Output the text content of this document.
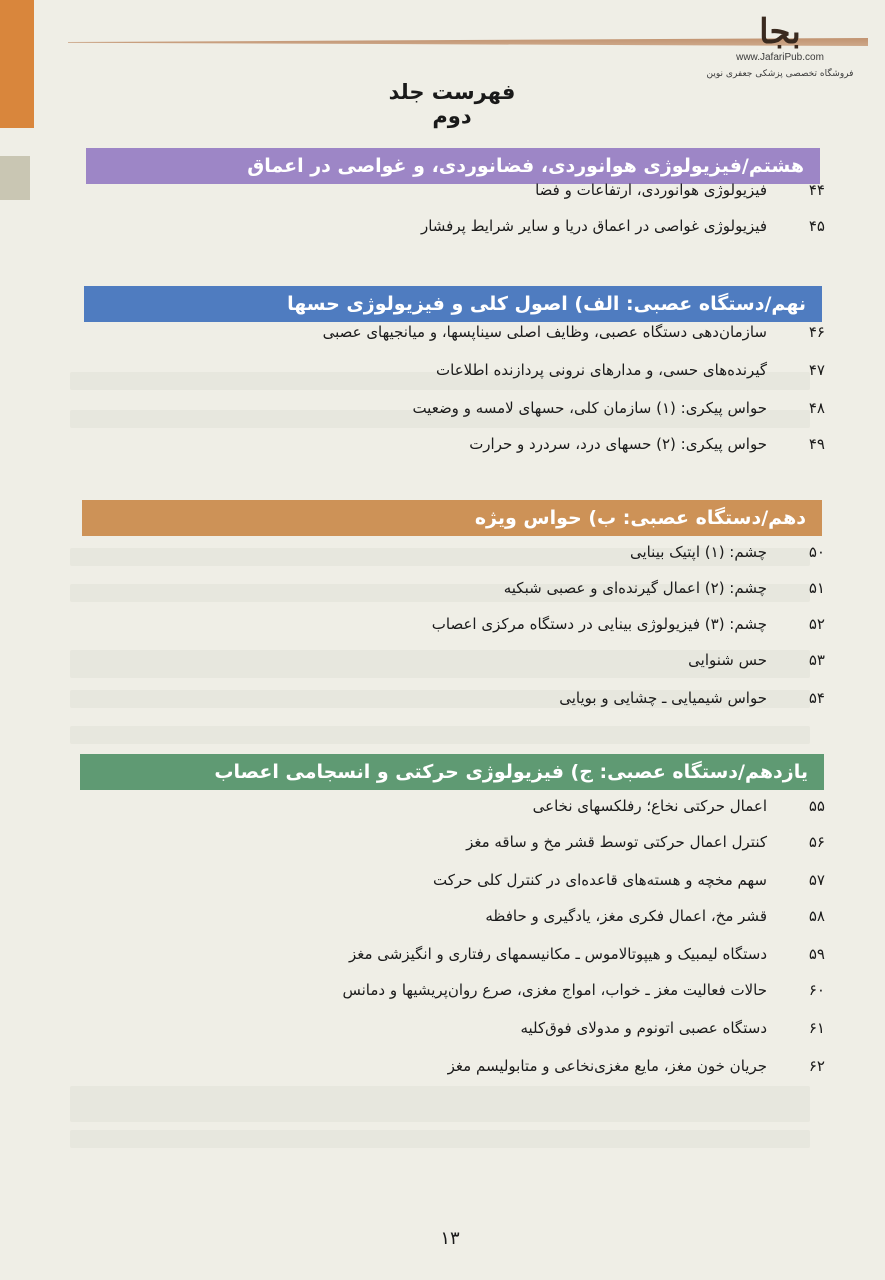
ﺑﺠﺎ
www.JafariPub.com
فروشگاه تخصصی پزشکی جعفری نوین
فهرست جلد دوم
هشتم/فیزیولوژی هوانوردی، فضانوردی، و غواصی در اعماق
۴۴فیزیولوژی هوانوردی، ارتفاعات و فضا
۴۵فیزیولوژی غواصی در اعماق دریا و سایر شرایط پرفشار
نهم/دستگاه عصبی: الف) اصول کلی و فیزیولوژی حسها
۴۶سازمان‌دهی دستگاه عصبی، وظایف اصلی سیناپسها، و میانجیهای عصبی
۴۷گیرنده‌های حسی، و مدارهای نرونی پردازنده اطلاعات
۴۸حواس پیکری: (۱) سازمان کلی، حسهای لامسه و وضعیت
۴۹حواس پیکری: (۲) حسهای درد، سردرد و حرارت
دهم/دستگاه عصبی: ب) حواس ویژه
۵۰چشم: (۱) اپتیک بینایی
۵۱چشم: (۲) اعمال گیرنده‌ای و عصبی شبکیه
۵۲چشم: (۳) فیزیولوژی بینایی در دستگاه مرکزی اعصاب
۵۳حس شنوایی
۵۴حواس شیمیایی ـ چشایی و بویایی
یازدهم/دستگاه عصبی: ج) فیزیولوژی حرکتی و انسجامی اعصاب
۵۵اعمال حرکتی نخاع؛ رفلکسهای نخاعی
۵۶کنترل اعمال حرکتی توسط قشر مخ و ساقه مغز
۵۷سهم مخچه و هسته‌های قاعده‌ای در کنترل کلی حرکت
۵۸قشر مخ، اعمال فکری مغز، یادگیری و حافظه
۵۹دستگاه لیمبیک و هیپوتالاموس ـ مکانیسمهای رفتاری و انگیزشی مغز
۶۰حالات فعالیت مغز ـ خواب، امواج مغزی، صرع روان‌پریشیها و دمانس
۶۱دستگاه عصبی اتونوم و مدولای فوق‌کلیه
۶۲جریان خون مغز، مایع مغزی‌نخاعی و متابولیسم مغز
۱۳
